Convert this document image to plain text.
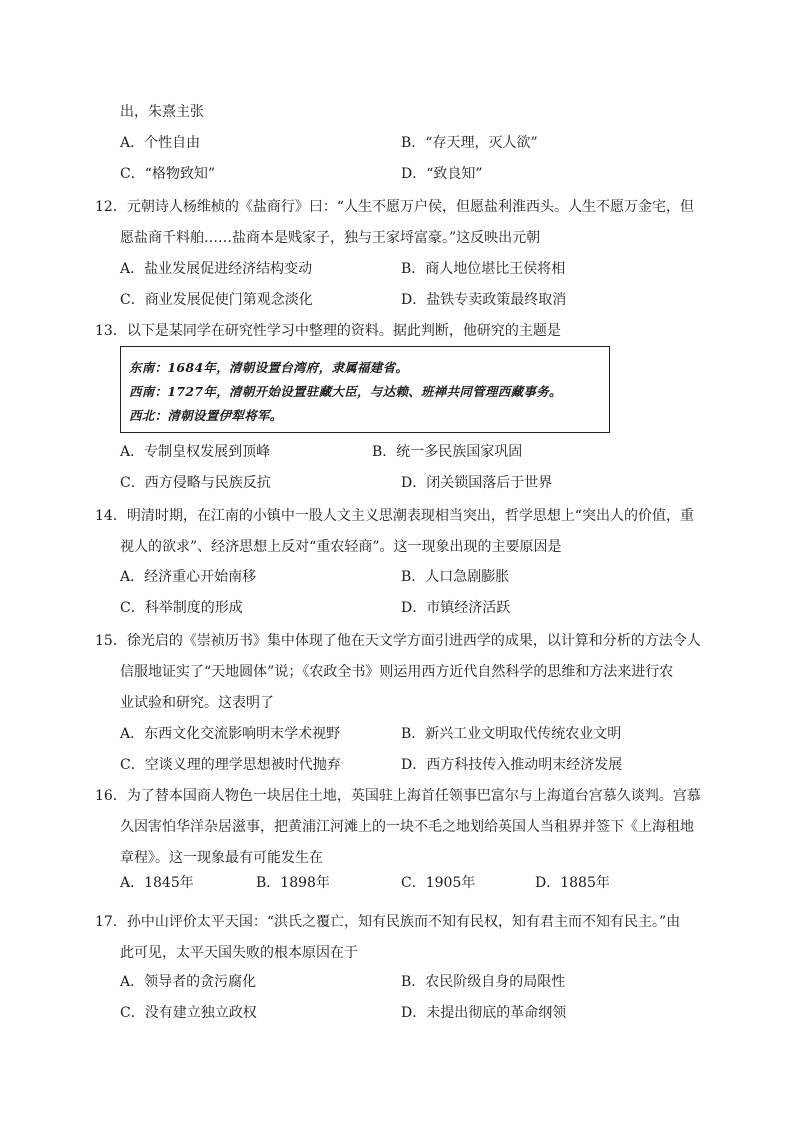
出，朱熹主张
A．个性自由	B．“存天理，灭人欲”
C．“格物致知”	D．“致良知”
12．元朝诗人杨维桢的《盐商行》曰：“人生不愿万户侯，但愿盐利淮西头。人生不愿万金宅，但
愿盐商千料舶……盐商本是贱家子，独与王家埒富豪。”这反映出元朝
A．盐业发展促进经济结构变动	B．商人地位堪比王侯将相
C．商业发展促使门第观念淡化	D．盐铁专卖政策最终取消
13．以下是某同学在研究性学习中整理的资料。据此判断，他研究的主题是
东南：1684年，清朝设置台湾府，隶属福建省。
西南：1727年，清朝开始设置驻藏大臣，与达赖、班禅共同管理西藏事务。
西北：清朝设置伊犁将军。
A．专制皇权发展到顶峰	B．统一多民族国家巩固
C．西方侵略与民族反抗	D．闭关锁国落后于世界
14．明清时期，在江南的小镇中一股人文主义思潮表现相当突出，哲学思想上“突出人的价值，重
视人的欲求”、经济思想上反对“重农轻商”。这一现象出现的主要原因是
A．经济重心开始南移	B．人口急剧膨胀
C．科举制度的形成	D．市镇经济活跃
15．徐光启的《崇祯历书》集中体现了他在天文学方面引进西学的成果，以计算和分析的方法令人
信服地证实了“天地圆体”说；《农政全书》则运用西方近代自然科学的思维和方法来进行农
业试验和研究。这表明了
A．东西文化交流影响明末学术视野	B．新兴工业文明取代传统农业文明
C．空谈义理的理学思想被时代抛弃	D．西方科技传入推动明末经济发展
16．为了替本国商人物色一块居住土地，英国驻上海首任领事巴富尔与上海道台宫慕久谈判。宫慕
久因害怕华洋杂居滋事，把黄浦江河滩上的一块不毛之地划给英国人当租界并签下《上海租地
章程》。这一现象最有可能发生在
A．1845年	B．1898年	C．1905年	D．1885年
17．孙中山评价太平天国：“洪氏之覆亡，知有民族而不知有民权，知有君主而不知有民主。”由
此可见，太平天国失败的根本原因在于
A．领导者的贪污腐化	B．农民阶级自身的局限性
C．没有建立独立政权	D．未提出彻底的革命纲领
